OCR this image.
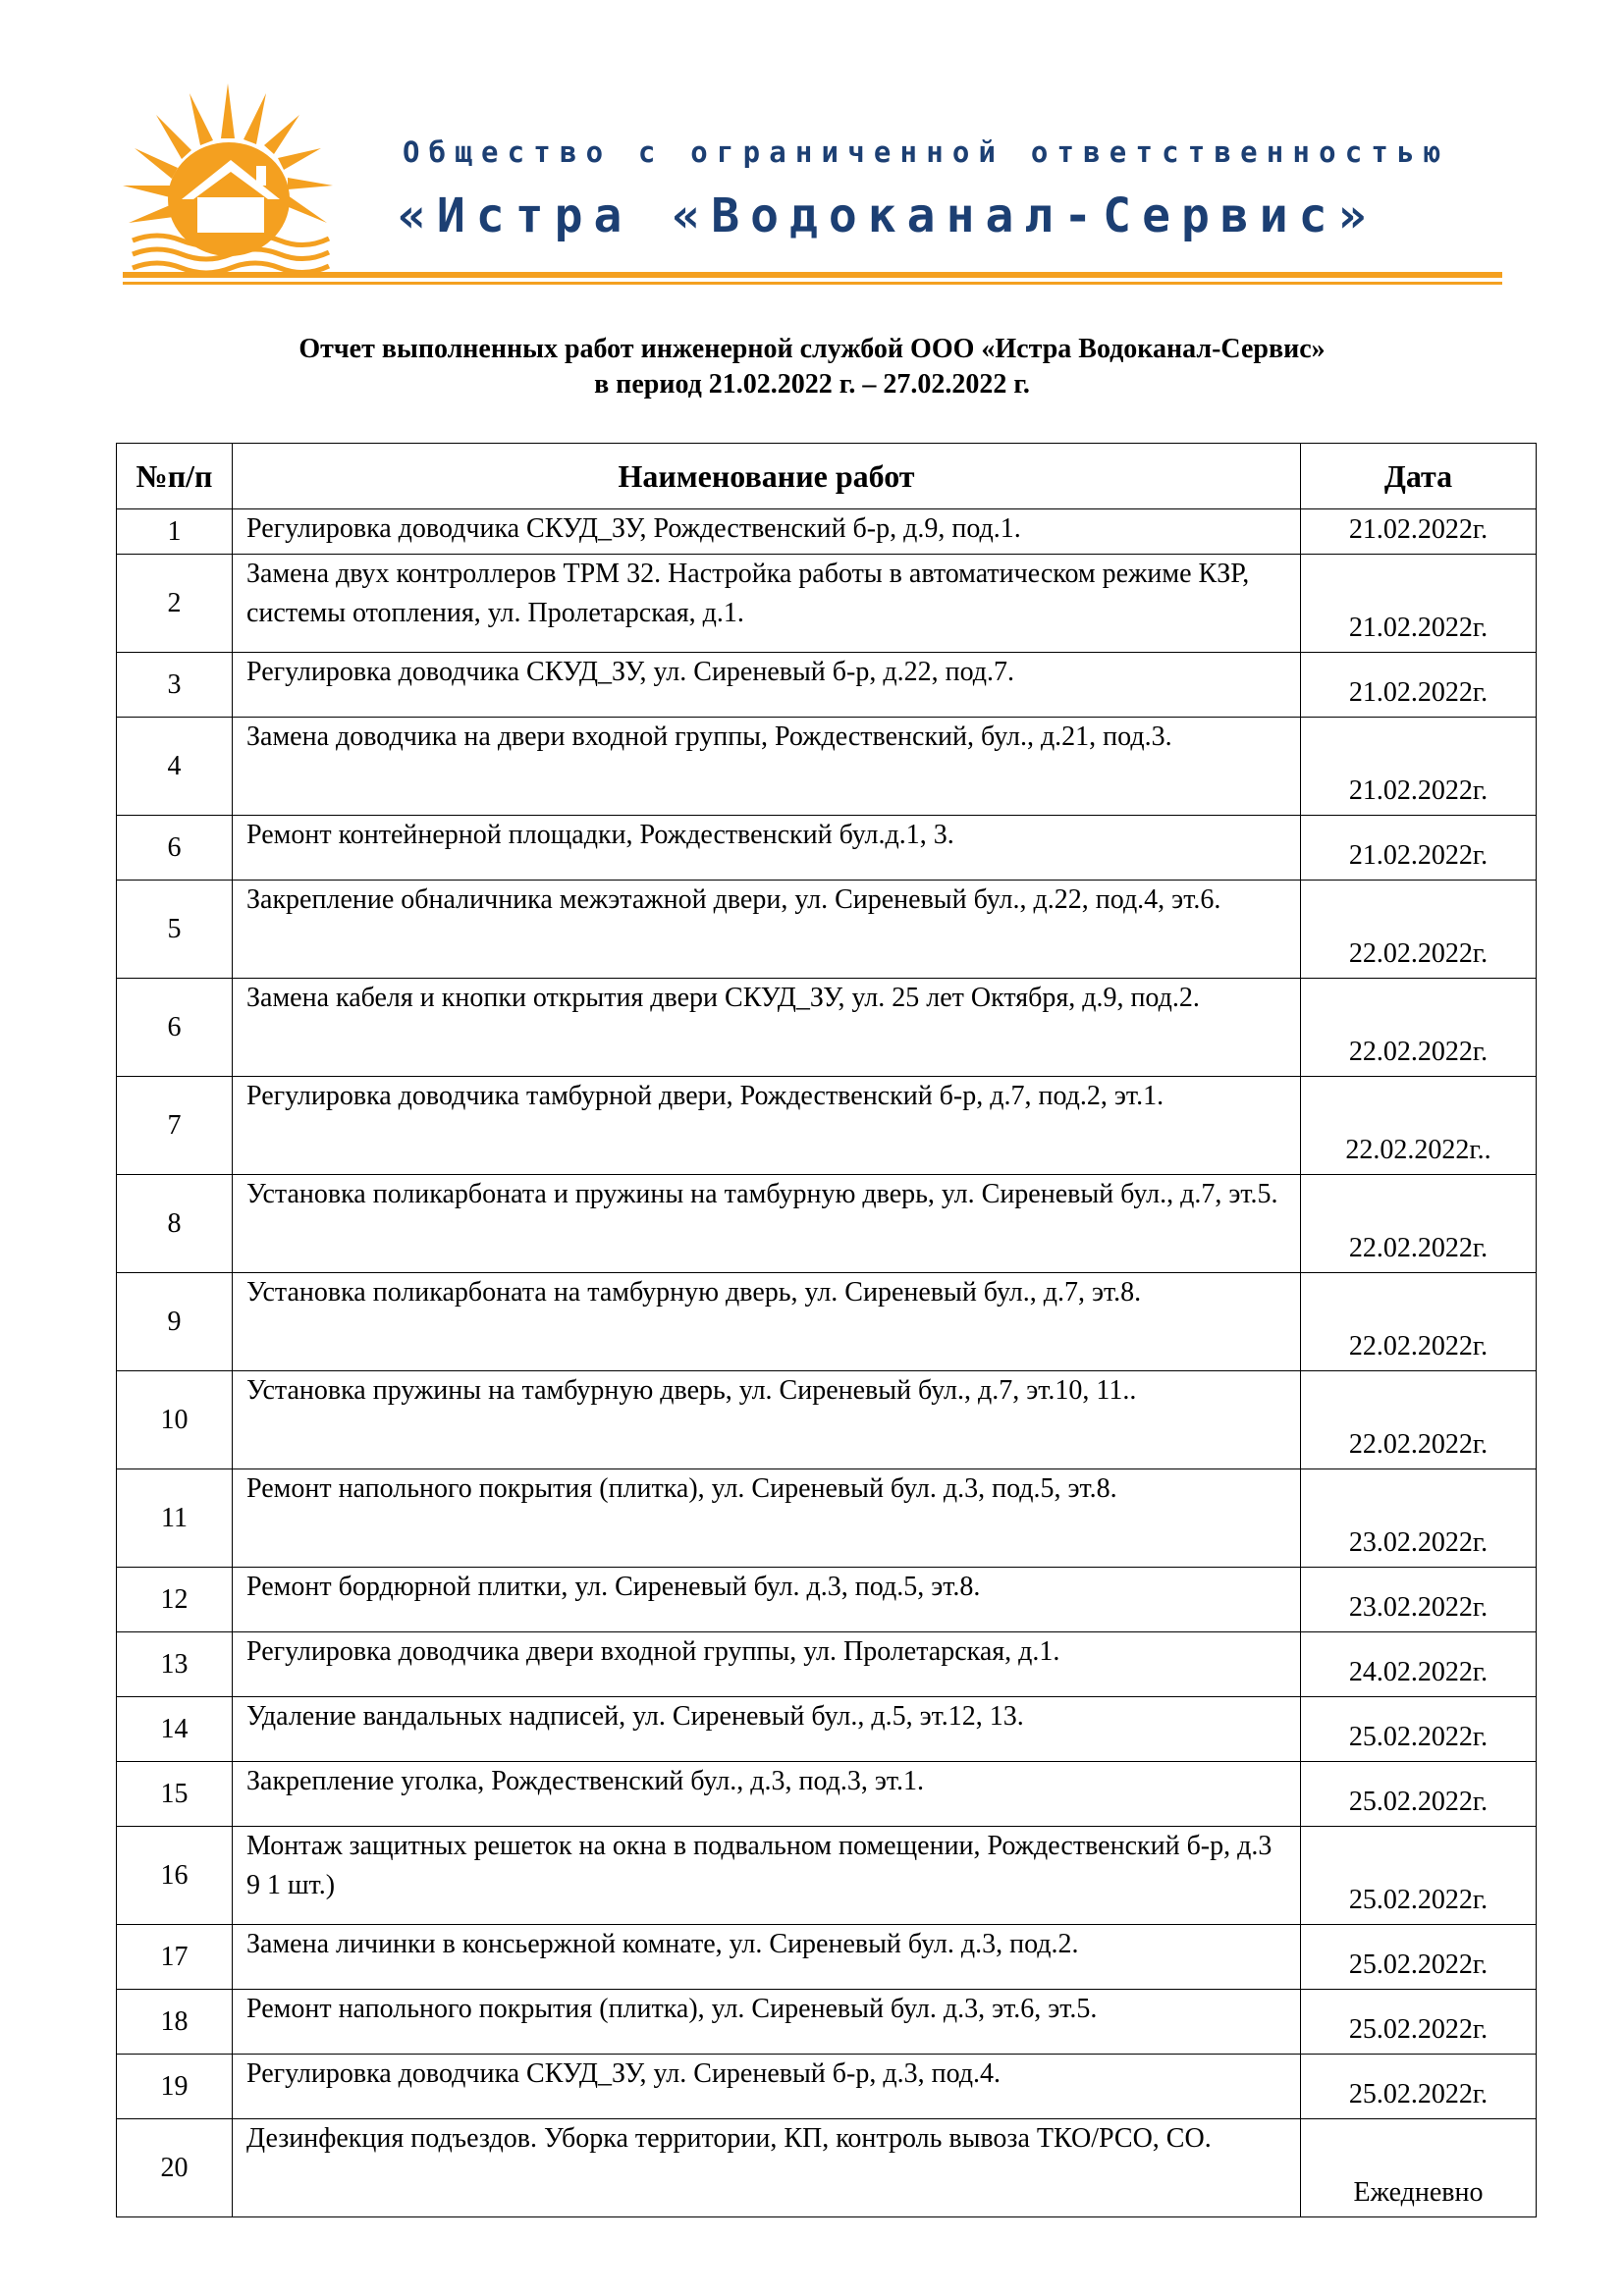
Общество с ограниченной ответственностью
«Истра «Водоканал-Сервис»
Отчет выполненных работ инженерной службой ООО «Истра Водоканал-Сервис»
в период 21.02.2022 г. – 27.02.2022 г.
№п/п	Наименование работ	Дата
1	Регулировка доводчика СКУД_ЗУ, Рождественский б-р, д.9, под.1.	21.02.2022г.
2	Замена двух контроллеров ТРМ 32. Настройка работы в автоматическом режиме КЗР, системы отопления, ул. Пролетарская, д.1.	21.02.2022г.
3	Регулировка доводчика СКУД_ЗУ, ул. Сиреневый б-р, д.22, под.7.	21.02.2022г.
4	Замена доводчика на двери входной группы, Рождественский, бул., д.21, под.3.	21.02.2022г.
6	Ремонт контейнерной площадки, Рождественский бул.д.1, 3.	21.02.2022г.
5	Закрепление обналичника межэтажной двери, ул. Сиреневый бул., д.22, под.4, эт.6.	22.02.2022г.
6	Замена кабеля и кнопки открытия двери СКУД_ЗУ, ул. 25 лет Октября, д.9, под.2.	22.02.2022г.
7	Регулировка доводчика тамбурной двери, Рождественский б-р, д.7, под.2, эт.1.	22.02.2022г..
8	Установка поликарбоната и пружины на тамбурную дверь, ул. Сиреневый бул., д.7, эт.5.	22.02.2022г.
9	Установка поликарбоната на тамбурную дверь, ул. Сиреневый бул., д.7, эт.8.	22.02.2022г.
10	Установка пружины на тамбурную дверь, ул. Сиреневый бул., д.7, эт.10, 11..	22.02.2022г.
11	Ремонт напольного покрытия (плитка), ул. Сиреневый бул. д.3, под.5, эт.8.	23.02.2022г.
12	Ремонт бордюрной плитки, ул. Сиреневый бул. д.3, под.5, эт.8.	23.02.2022г.
13	Регулировка доводчика двери входной группы, ул. Пролетарская, д.1.	24.02.2022г.
14	Удаление вандальных надписей, ул. Сиреневый бул., д.5, эт.12, 13.	25.02.2022г.
15	Закрепление уголка, Рождественский бул., д.3, под.3, эт.1.	25.02.2022г.
16	Монтаж защитных решеток на окна в подвальном помещении, Рождественский б-р, д.3 9 1 шт.)	25.02.2022г.
17	Замена личинки в консьержной комнате, ул. Сиреневый бул. д.3, под.2.	25.02.2022г.
18	Ремонт напольного покрытия (плитка), ул. Сиреневый бул. д.3, эт.6, эт.5.	25.02.2022г.
19	Регулировка доводчика СКУД_ЗУ, ул. Сиреневый б-р, д.3, под.4.	25.02.2022г.
20	Дезинфекция подъездов. Уборка территории, КП, контроль вывоза ТКО/РСО, СО.	Ежедневно
